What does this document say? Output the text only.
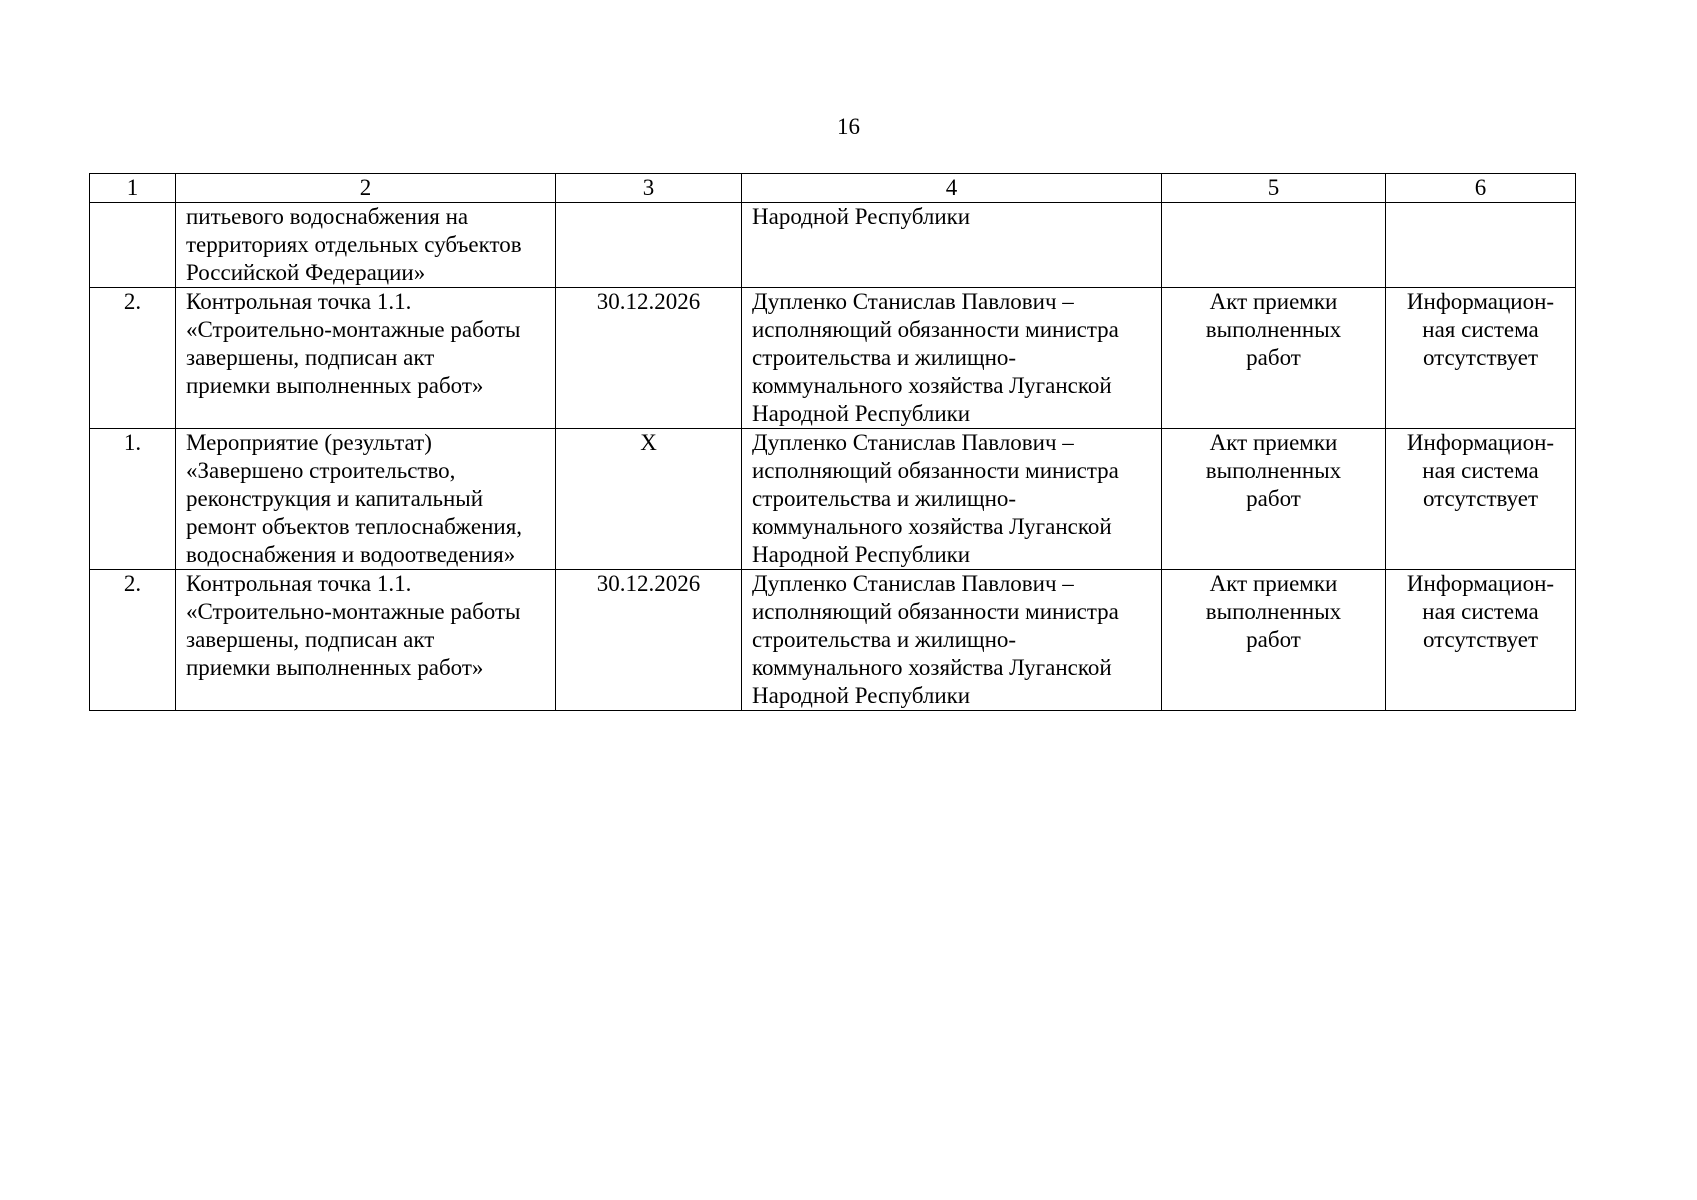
16
1	2	3	4	5	6
	питьевого водоснабжения на
территориях отдельных субъектов
Российской Федерации»		Народной Республики		
2.	Контрольная точка 1.1.
«Строительно-монтажные работы
завершены, подписан акт
приемки выполненных работ»	30.12.2026	Дупленко Станислав Павлович –
исполняющий обязанности министра
строительства и жилищно-
коммунального хозяйства Луганской
Народной Республики	Акт приемки
выполненных
работ	Информацион-
ная система
отсутствует
1.	Мероприятие (результат)
«Завершено строительство,
реконструкция и капитальный
ремонт объектов теплоснабжения,
водоснабжения и водоотведения»	Х	Дупленко Станислав Павлович –
исполняющий обязанности министра
строительства и жилищно-
коммунального хозяйства Луганской
Народной Республики	Акт приемки
выполненных
работ	Информацион-
ная система
отсутствует
2.	Контрольная точка 1.1.
«Строительно-монтажные работы
завершены, подписан акт
приемки выполненных работ»	30.12.2026	Дупленко Станислав Павлович –
исполняющий обязанности министра
строительства и жилищно-
коммунального хозяйства Луганской
Народной Республики	Акт приемки
выполненных
работ	Информацион-
ная система
отсутствует
